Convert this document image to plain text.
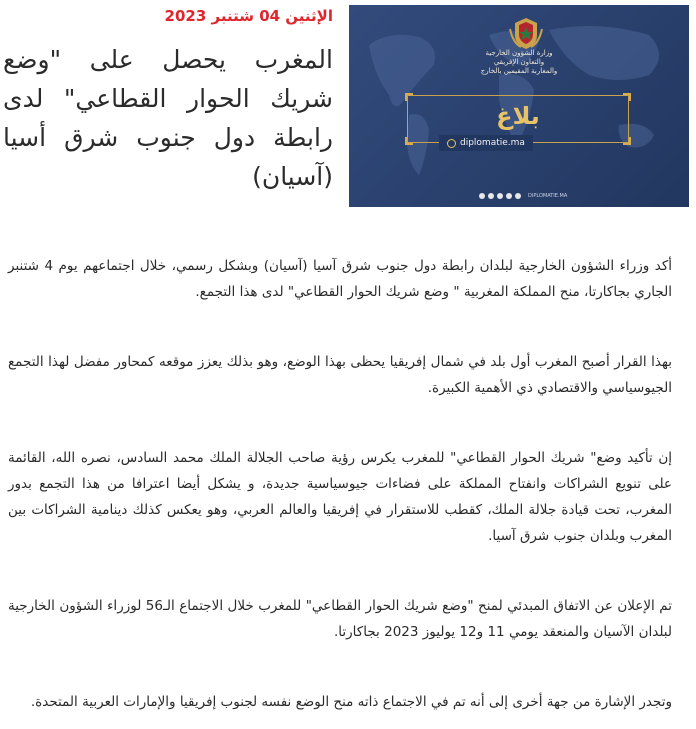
وزارة الشؤون الخارجية
والتعاون الإفريقي
والمغاربة المقيمين بالخارج
بلاغ
diplomatie.ma
DIPLOMATIE.MA
الإثنين 04 شتنبر 2023
المغرب يحصل على "وضع شريك الحوار القطاعي" لدى رابطة دول جنوب شرق أسيا (آسيان)

أكد وزراء الشؤون الخارجية لبلدان رابطة دول جنوب شرق آسيا (آسيان) وبشكل رسمي، خلال اجتماعهم يوم 4 شتنبر الجاري بجاكارتا، منح المملكة المغربية " وضع شريك الحوار القطاعي" لدى هذا التجمع.

بهذا القرار أصبح المغرب أول بلد في شمال إفريقيا يحظى بهذا الوضع، وهو بذلك يعزز موقعه كمحاور مفضل لهذا التجمع الجيوسياسي والاقتصادي ذي الأهمية الكبيرة.

إن تأكيد وضع" شريك الحوار القطاعي" للمغرب يكرس رؤية صاحب الجلالة الملك محمد السادس، نصره الله، القائمة على تنويع الشراكات وانفتاح المملكة على فضاءات جيوسياسية جديدة، و يشكل أيضا اعترافا من هذا التجمع بدور المغرب، تحت قيادة جلالة الملك، كقطب للاستقرار في إفريقيا والعالم العربي، وهو يعكس كذلك دينامية الشراكات بين المغرب وبلدان جنوب شرق آسيا.

تم الإعلان عن الاتفاق المبدئي لمنح "وضع شريك الحوار القطاعي" للمغرب خلال الاجتماع الـ56 لوزراء الشؤون الخارجية لبلدان الآسيان والمنعقد يومي 11 و12 يوليوز 2023 بجاكارتا.

وتجدر الإشارة من جهة أخرى إلى أنه تم في الاجتماع ذاته منح الوضع نفسه لجنوب إفريقيا والإمارات العربية المتحدة.
